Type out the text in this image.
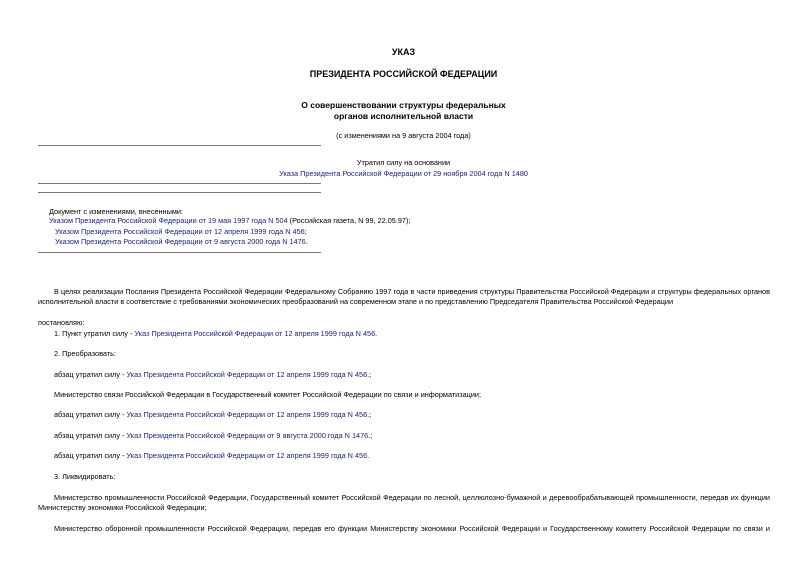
УКАЗ
ПРЕЗИДЕНТА РОССИЙСКОЙ ФЕДЕРАЦИИ
О совершенствовании структуры федеральных
органов исполнительной власти
(с изменениями на 9 августа 2004 года)
Утратил силу на основании
Указа Президента Российской Федерации от 29 ноября 2004 года N 1480
Документ с изменениями, внесенными:
Указом Президента Российской Федерации от 19 мая 1997 года N 504 (Российская газета, N 99, 22.05.97);
Указом Президента Российской Федерации от 12 апреля 1999 года N 456;
Указом Президента Российской Федерации от 9 августа 2000 года N 1476.
В целях реализации Послания Президента Российской Федерации Федеральному Собранию 1997 года в части приведения структуры Правительства Российской Федерации и структуры федеральных органов исполнительной власти в соответствие с требованиями экономических преобразований на современном этапе и по представлению Председателя Правительства Российской Федерации
постановляю:
1. Пункт утратил силу - Указ Президента Российской Федерации от 12 апреля 1999 года N 456.
2. Преобразовать:
абзац утратил силу - Указ Президента Российской Федерации от 12 апреля 1999 года N 456.;
Министерство связи Российской Федерации в Государственный комитет Российской Федерации по связи и информатизации;
абзац утратил силу - Указ Президента Российской Федерации от 12 апреля 1999 года N 456.;
абзац утратил силу - Указ Президента Российской Федерации от 9 августа 2000 года N 1476.;
абзац утратил силу - Указ Президента Российской Федерации от 12 апреля 1999 года N 456.
3. Ликвидировать:
Министерство промышленности Российской Федерации, Государственный комитет Российской Федерации по лесной, целлюлозно-бумажной и деревообрабатывающей промышленности, передав их функции Министерству экономики Российской Федерации;
Министерство оборонной промышленности Российской Федерации, передав его функции Министерству экономики Российской Федерации и Государственному комитету Российской Федерации по связи и
